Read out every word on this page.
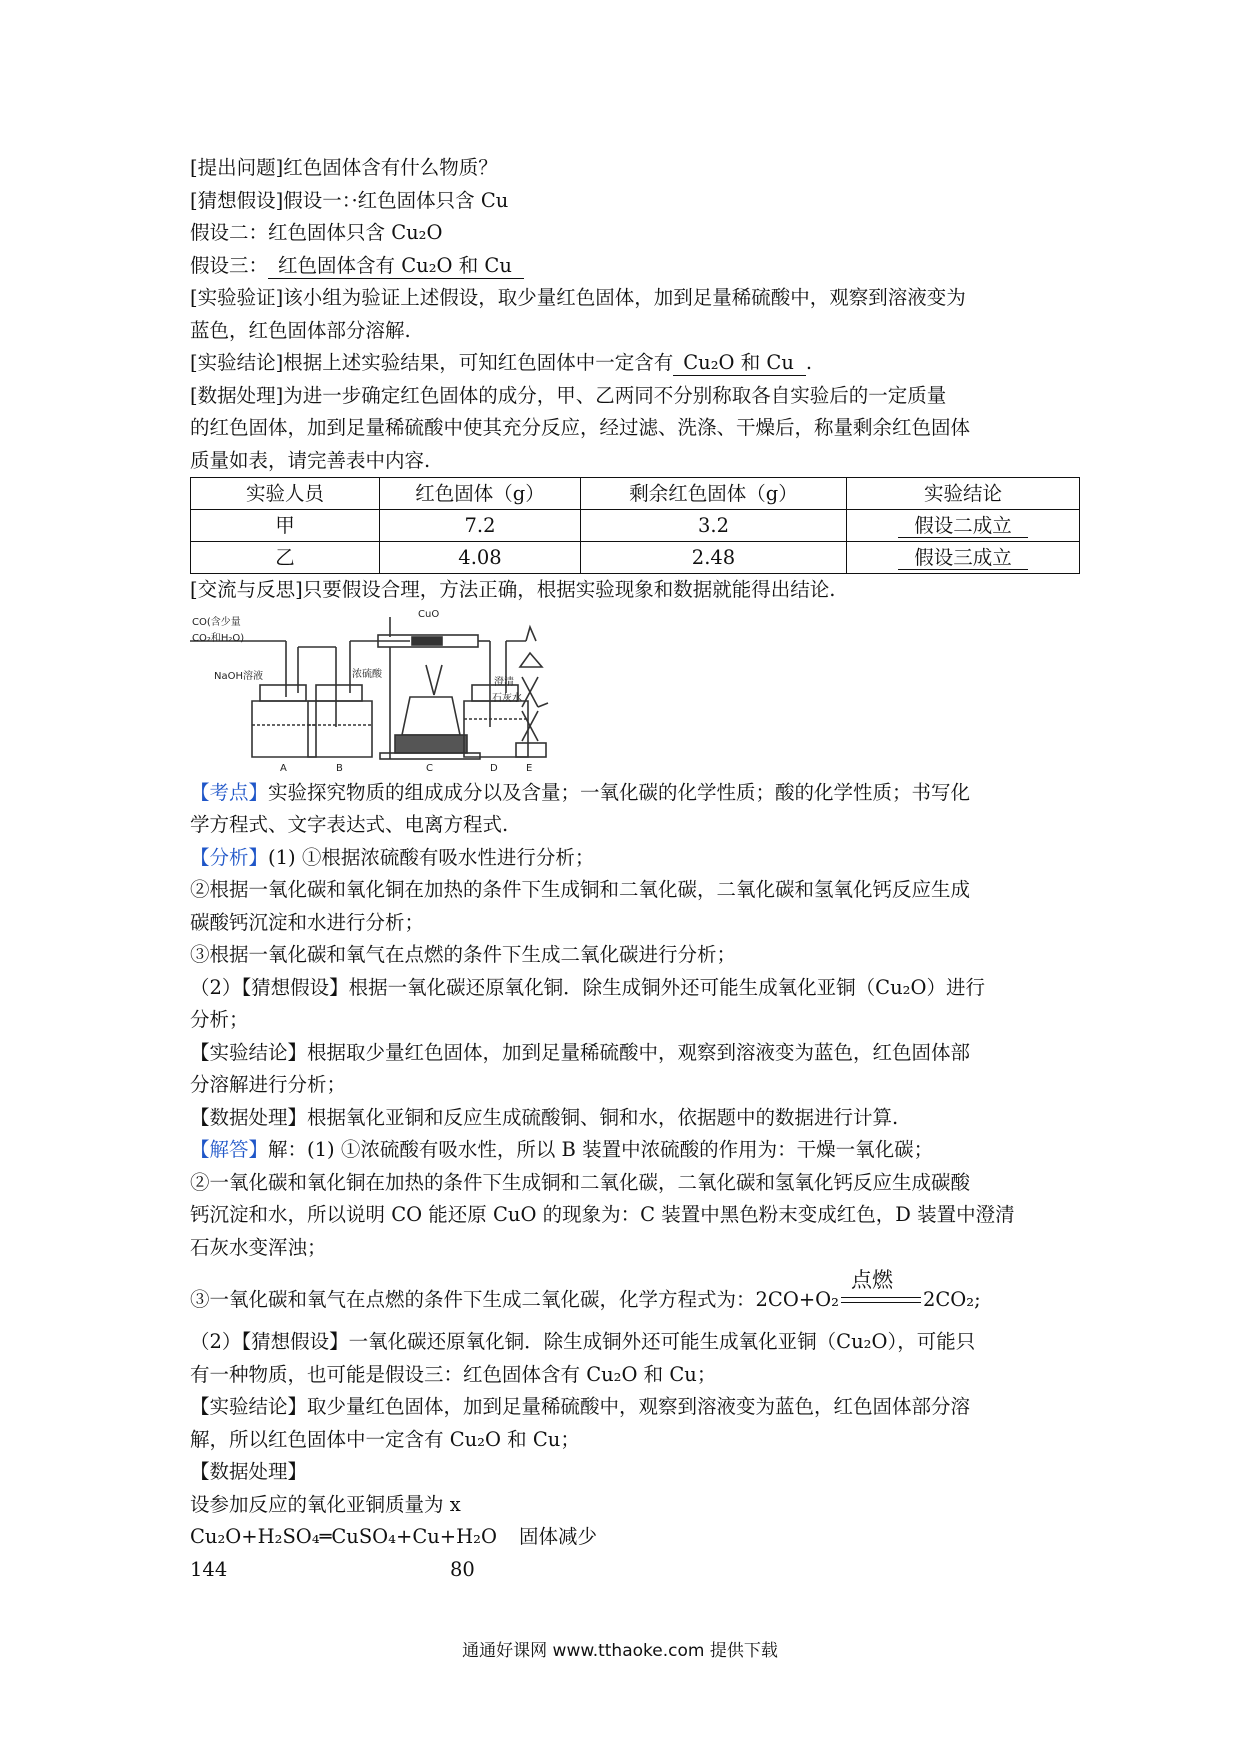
[提出问题]红色固体含有什么物质？
[猜想假设]假设一：·红色固体只含 Cu
假设二：红色固体只含 Cu₂O
假设三： 红色固体含有 Cu₂O 和 Cu
[实验验证]该小组为验证上述假设，取少量红色固体，加到足量稀硫酸中，观察到溶液变为
蓝色，红色固体部分溶解.
[实验结论]根据上述实验结果，可知红色固体中一定含有 Cu₂O 和 Cu .
[数据处理]为进一步确定红色固体的成分，甲、乙两同不分别称取各自实验后的一定质量
的红色固体，加到足量稀硫酸中使其充分反应，经过滤、洗涤、干燥后，称量剩余红色固体
质量如表，请完善表中内容.
实验人员	红色固体（g）	剩余红色固体（g）	实验结论
甲	7.2	3.2	假设二成立
乙	4.08	2.48	假设三成立
[交流与反思]只要假设合理，方法正确，根据实验现象和数据就能得出结论.
CO(含少量
CO₂和H₂O)
NaOH溶液	浓硫酸
CuO
澄清
石灰水
A	B	C	D	E
【考点】实验探究物质的组成成分以及含量；一氧化碳的化学性质；酸的化学性质；书写化
学方程式、文字表达式、电离方程式.
【分析】(1) ①根据浓硫酸有吸水性进行分析；
②根据一氧化碳和氧化铜在加热的条件下生成铜和二氧化碳，二氧化碳和氢氧化钙反应生成
碳酸钙沉淀和水进行分析；
③根据一氧化碳和氧气在点燃的条件下生成二氧化碳进行分析；
（2）【猜想假设】根据一氧化碳还原氧化铜．除生成铜外还可能生成氧化亚铜（Cu₂O）进行
分析；
【实验结论】根据取少量红色固体，加到足量稀硫酸中，观察到溶液变为蓝色，红色固体部
分溶解进行分析；
【数据处理】根据氧化亚铜和反应生成硫酸铜、铜和水，依据题中的数据进行计算.
【解答】解：(1) ①浓硫酸有吸水性，所以 B 装置中浓硫酸的作用为：干燥一氧化碳；
②一氧化碳和氧化铜在加热的条件下生成铜和二氧化碳，二氧化碳和氢氧化钙反应生成碳酸
钙沉淀和水，所以说明 CO 能还原 CuO 的现象为：C 装置中黑色粉末变成红色，D 装置中澄清
石灰水变浑浊；
③一氧化碳和氧气在点燃的条件下生成二氧化碳，化学方程式为：2CO+O₂
点燃
2CO₂;
（2）【猜想假设】一氧化碳还原氧化铜．除生成铜外还可能生成氧化亚铜（Cu₂O），可能只
有一种物质，也可能是假设三：红色固体含有 Cu₂O 和 Cu；
【实验结论】取少量红色固体，加到足量稀硫酸中，观察到溶液变为蓝色，红色固体部分溶
解，所以红色固体中一定含有 Cu₂O 和 Cu；
【数据处理】
设参加反应的氧化亚铜质量为 x
Cu₂O+H₂SO₄═CuSO₄+Cu+H₂O 固体减少
144	80
通通好课网 www.tthaoke.com 提供下载
